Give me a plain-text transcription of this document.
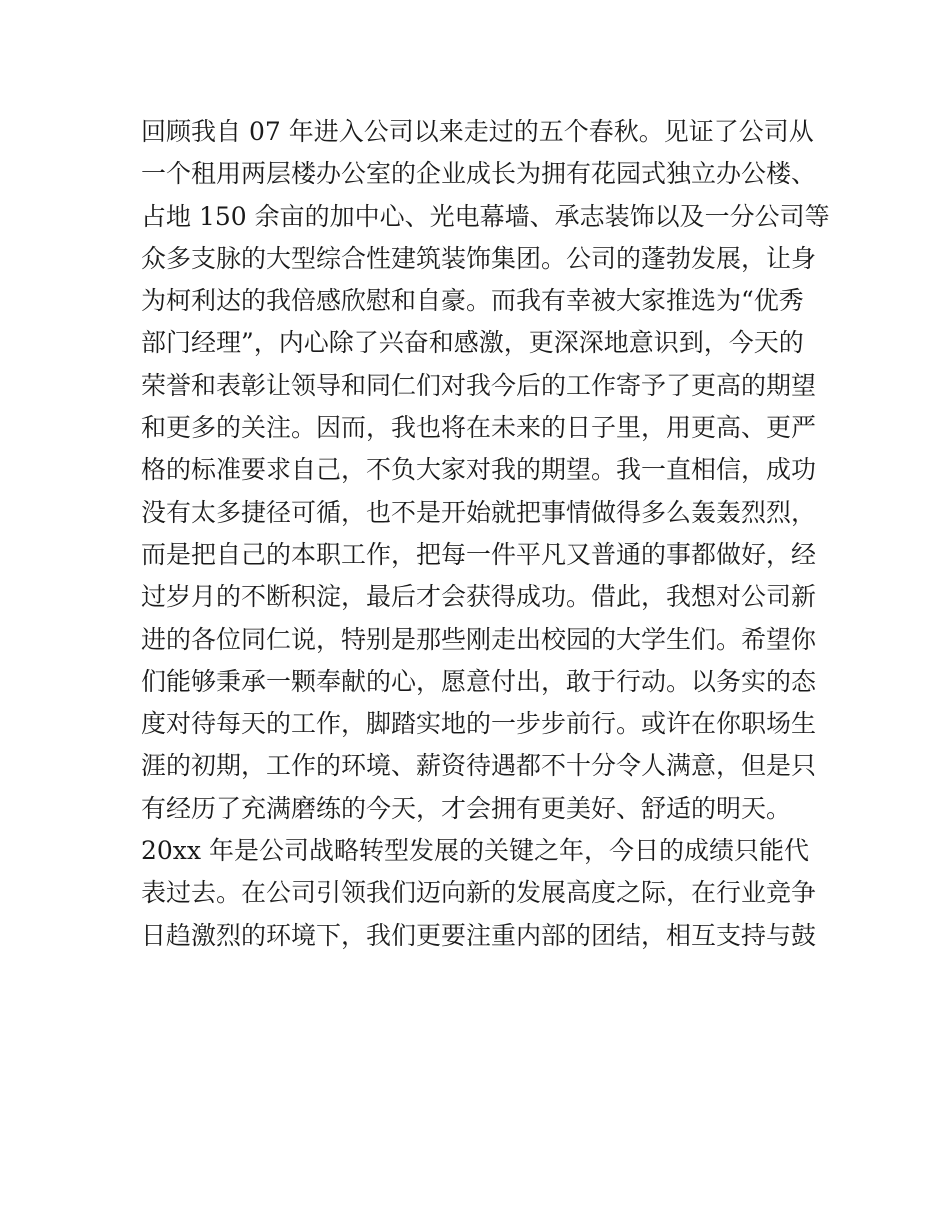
回顾我自 07 年进入公司以来走过的五个春秋。见证了公司从
一个租用两层楼办公室的企业成长为拥有花园式独立办公楼、
占地 150 余亩的加中心、光电幕墙、承志装饰以及一分公司等
众多支脉的大型综合性建筑装饰集团。公司的蓬勃发展，让身
为柯利达的我倍感欣慰和自豪。而我有幸被大家推选为“优秀
部门经理”，内心除了兴奋和感激，更深深地意识到，今天的
荣誉和表彰让领导和同仁们对我今后的工作寄予了更高的期望
和更多的关注。因而，我也将在未来的日子里，用更高、更严
格的标准要求自己，不负大家对我的期望。我一直相信，成功
没有太多捷径可循，也不是开始就把事情做得多么轰轰烈烈，
而是把自己的本职工作，把每一件平凡又普通的事都做好，经
过岁月的不断积淀，最后才会获得成功。借此，我想对公司新
进的各位同仁说，特别是那些刚走出校园的大学生们。希望你
们能够秉承一颗奉献的心，愿意付出，敢于行动。以务实的态
度对待每天的工作，脚踏实地的一步步前行。或许在你职场生
涯的初期，工作的环境、薪资待遇都不十分令人满意，但是只
有经历了充满磨练的今天，才会拥有更美好、舒适的明天。
20xx 年是公司战略转型发展的关键之年，今日的成绩只能代
表过去。在公司引领我们迈向新的发展高度之际，在行业竞争
日趋激烈的环境下，我们更要注重内部的团结，相互支持与鼓
